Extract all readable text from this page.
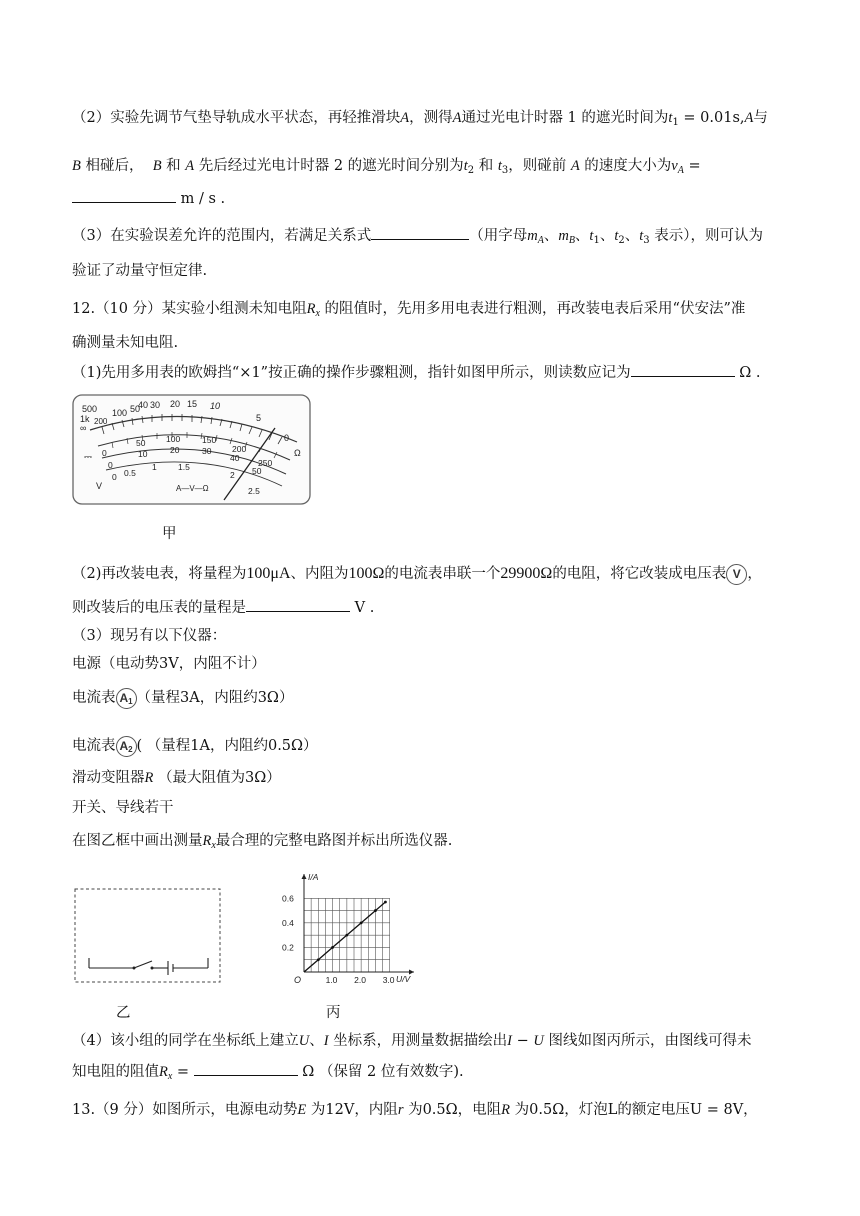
（2）实验先调节气垫导轨成水平状态，再轻推滑块A，测得A通过光电计时器 1 的遮光时间为$t_1 = 0.01s,A$与
B 相碰后， B 和 A 先后经过光电计时器 2 的遮光时间分别为$t_2$ 和 $t_3$，则碰前 A 的速度大小为$v_A$ =
m / s .
（3）在实验误差允许的范围内，若满足关系式	（用字母$m_A$、$m_B$、$t_1$、$t_2$、$t_3$ 表示），则可认为
验证了动量守恒定律.
12.（10 分）某实验小组测未知电阻$R_x$ 的阻值时，先用多用电表进行粗测，再改装电表后采用“伏安法”准
确测量未知电阻.
（1)先用多用表的欧姆挡“×1”按正确的操作步骤粗测，指针如图甲所示，则读数应记为	Ω .
500
1k
∞
200
100 50
40 30 20 15 10
5
0
Ω
0
50 100	150
200
250
0
10	20	30
40
50
0 0.5
1	1.5
2
2.5
A—V—Ω
⎓
V
甲
（2)再改装电表，将量程为100μA、内阻为100Ω的电流表串联一个29900Ω的电阻，将它改装成电压表 V ，
则改装后的电压表的量程是	V .
（3）现另有以下仪器：
电源（电动势3V，内阻不计）
电流表 A1 （量程3A，内阻约3Ω）
电流表 A2 ( （量程1A，内阻约0.5Ω）
滑动变阻器R （最大阻值为3Ω）
开关、导线若干
在图乙框中画出测量$R_x$最合理的完整电路图并标出所选仪器.
乙
U/V
I/A
O	1.0 2.0 3.0
0.2
0.4
0.6
丙
（4）该小组的同学在坐标纸上建立U、I 坐标系，用测量数据描绘出I − U 图线如图丙所示，由图线可得未
知电阻的阻值$R_x$ =	Ω （保留 2 位有效数字).
13.（9 分）如图所示，电源电动势E 为12V，内阻r 为0.5Ω，电阻R 为0.5Ω，灯泡L的额定电压U = 8V，
